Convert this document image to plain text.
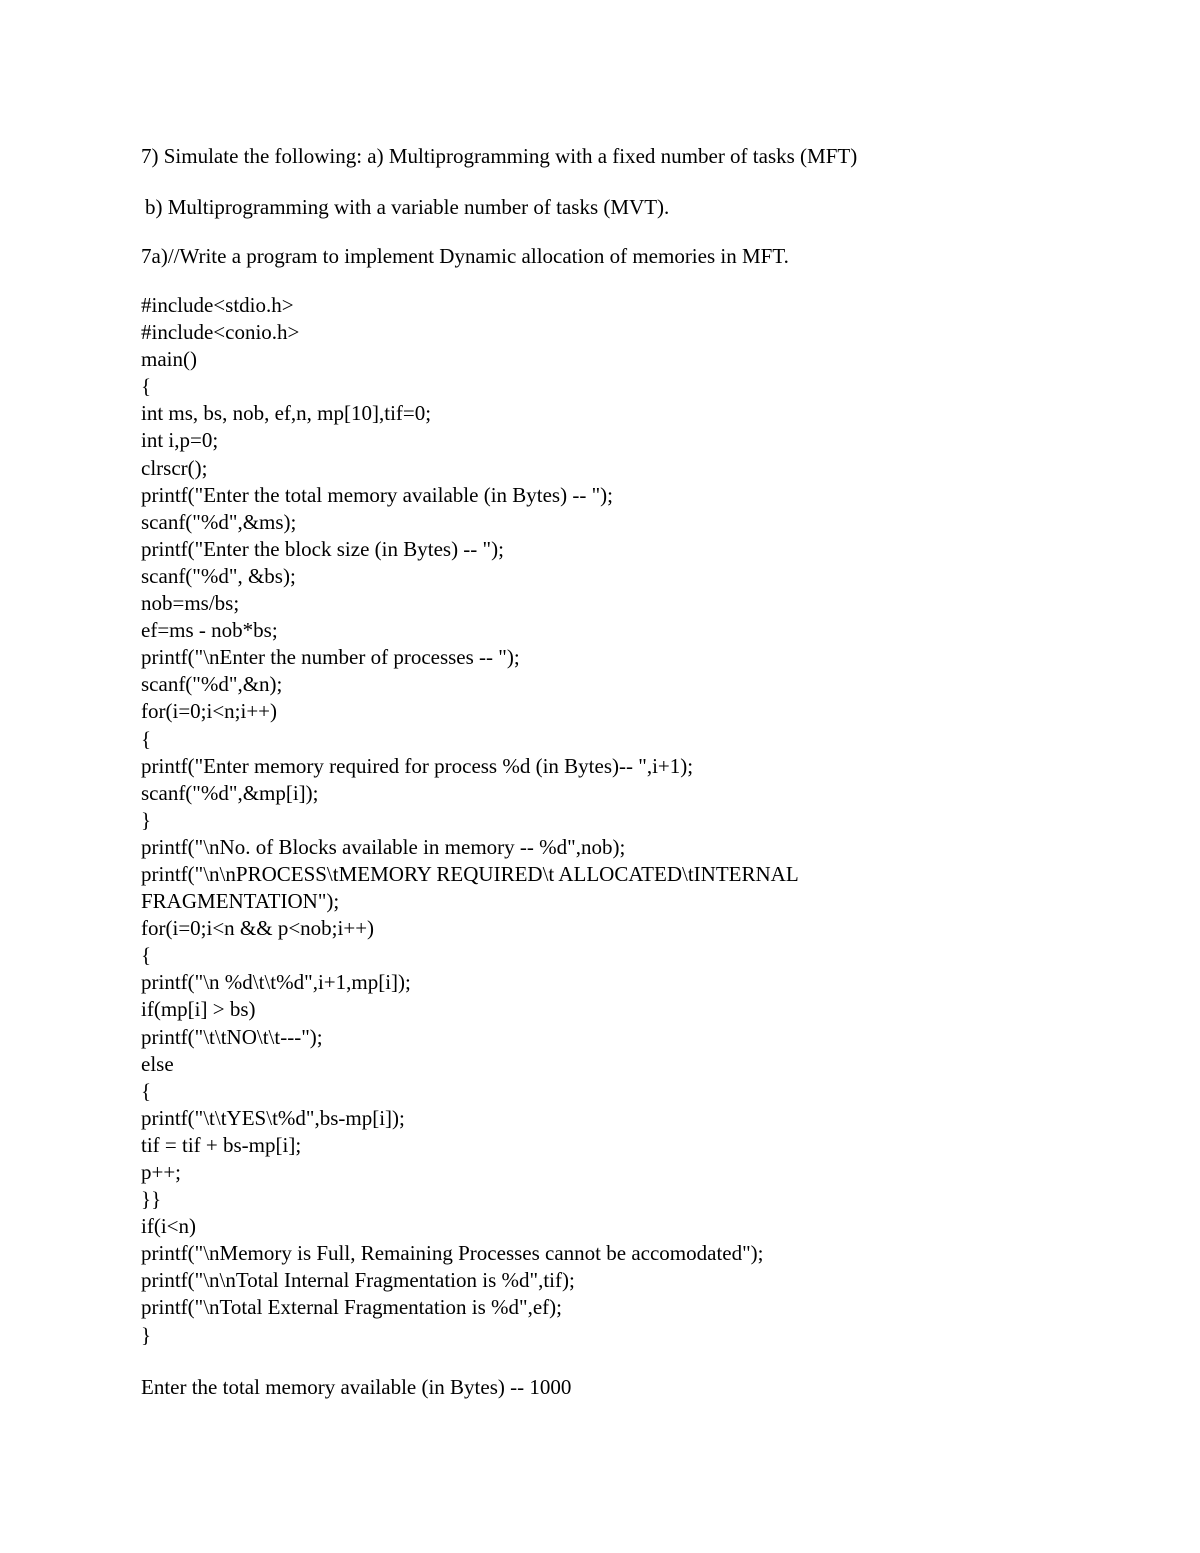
7) Simulate the following: a) Multiprogramming with a fixed number of tasks (MFT)
b) Multiprogramming with a variable number of tasks (MVT).
7a)//Write a program to implement Dynamic allocation of memories in MFT.
#include<stdio.h>
#include<conio.h>
main()
{
int ms, bs, nob, ef,n, mp[10],tif=0;
int i,p=0;
clrscr();
printf("Enter the total memory available (in Bytes) -- ");
scanf("%d",&ms);
printf("Enter the block size (in Bytes) -- ");
scanf("%d", &bs);
nob=ms/bs;
ef=ms - nob*bs;
printf("\nEnter the number of processes -- ");
scanf("%d",&n);
for(i=0;i<n;i++)
{
printf("Enter memory required for process %d (in Bytes)-- ",i+1);
scanf("%d",&mp[i]);
}
printf("\nNo. of Blocks available in memory -- %d",nob);
printf("\n\nPROCESS\tMEMORY REQUIRED\t ALLOCATED\tINTERNAL
FRAGMENTATION");
for(i=0;i<n && p<nob;i++)
{
printf("\n %d\t\t%d",i+1,mp[i]);
if(mp[i] > bs)
printf("\t\tNO\t\t---");
else
{
printf("\t\tYES\t%d",bs-mp[i]);
tif = tif + bs-mp[i];
p++;
}}
if(i<n)
printf("\nMemory is Full, Remaining Processes cannot be accomodated");
printf("\n\nTotal Internal Fragmentation is %d",tif);
printf("\nTotal External Fragmentation is %d",ef);
}
Enter the total memory available (in Bytes) -- 1000
